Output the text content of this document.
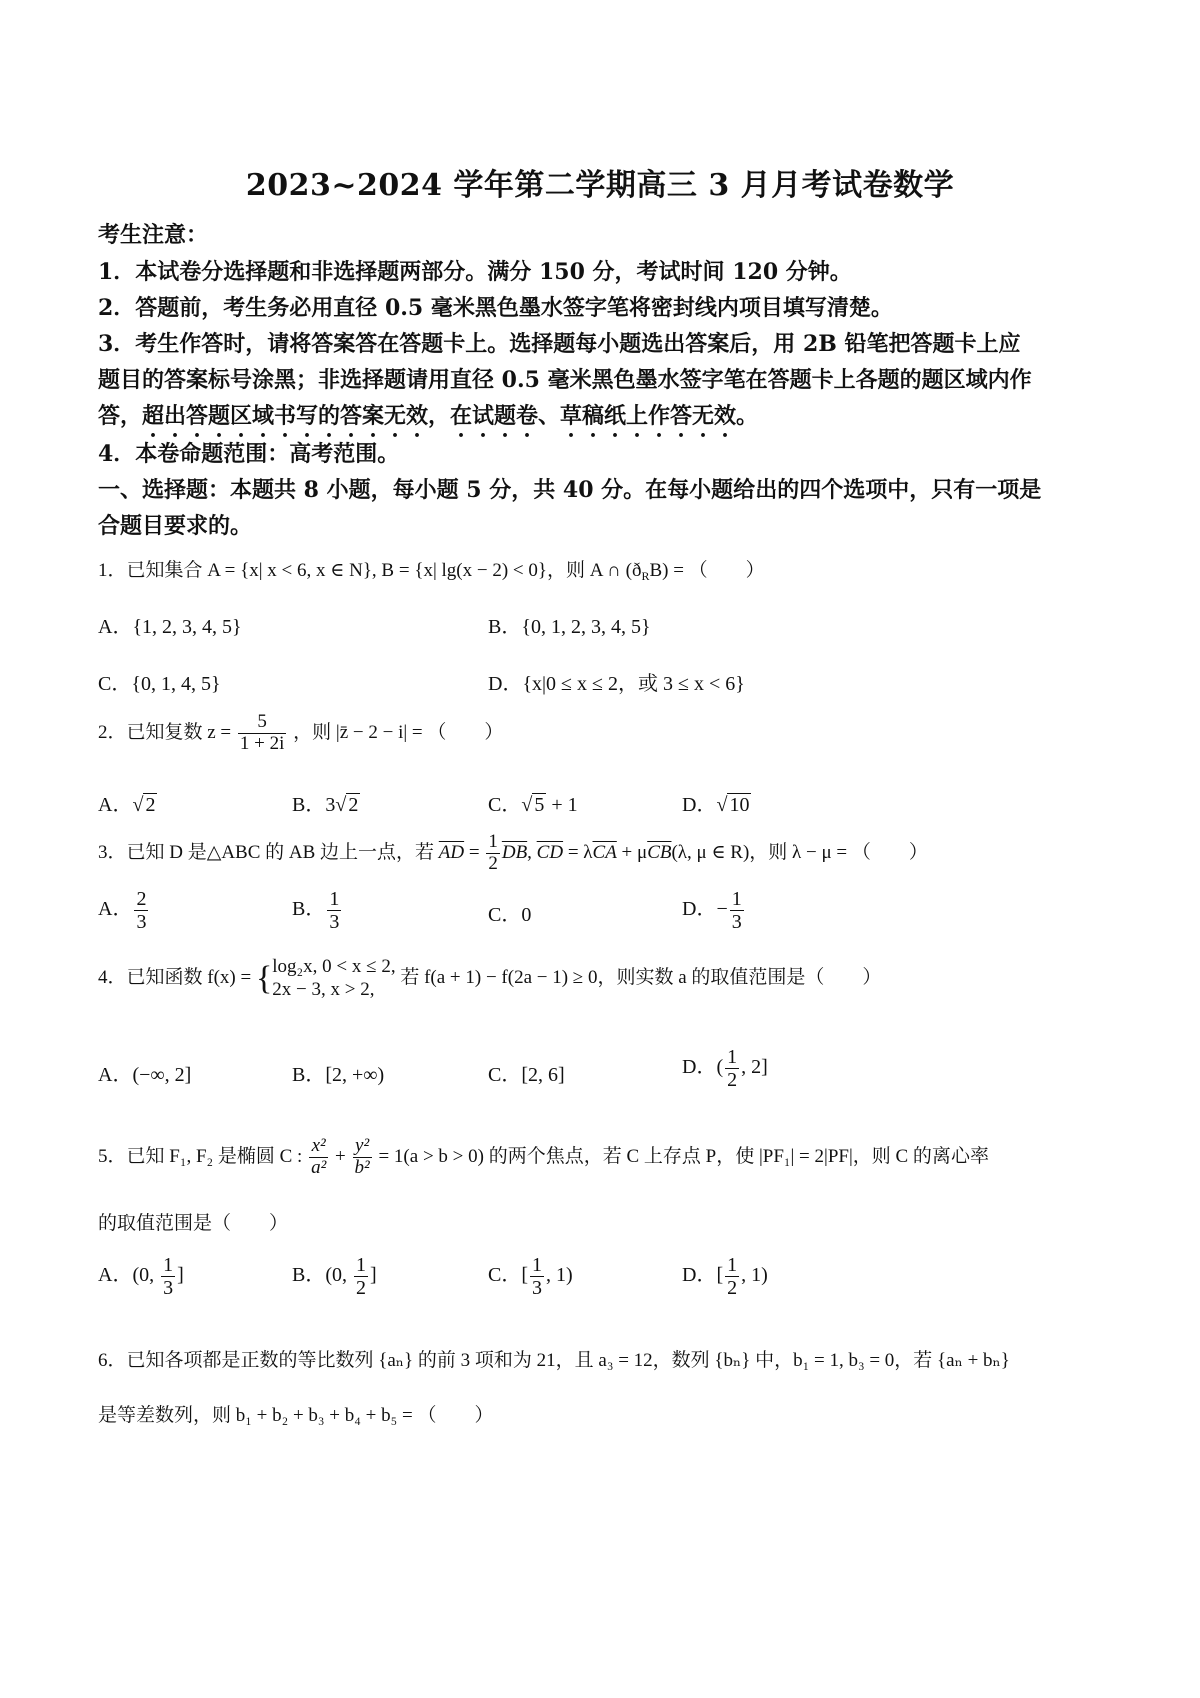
2023~2024 学年第二学期高三 3 月月考试卷数学
考生注意：
1．本试卷分选择题和非选择题两部分。满分 150 分，考试时间 120 分钟。
2．答题前，考生务必用直径 0.5 毫米黑色墨水签字笔将密封线内项目填写清楚。
3．考生作答时，请将答案答在答题卡上。选择题每小题选出答案后，用 2B 铅笔把答题卡上应
题目的答案标号涂黑；非选择题请用直径 0.5 毫米黑色墨水签字笔在答题卡上各题的题区域内作
答，超出答题区域书写的答案无效，在试题卷、草稿纸上作答无效。
4．本卷命题范围：高考范围。
一、选择题：本题共 8 小题，每小题 5 分，共 40 分。在每小题给出的四个选项中，只有一项是
合题目要求的。
1．已知集合 A = {x| x < 6, x ∈ N}, B = {x| lg(x − 2) < 0}，则 A ∩ $(ð_RB)$ = （　　）
A．{1, 2, 3, 4, 5}	B．{0, 1, 2, 3, 4, 5}
C．{0, 1, 4, 5}	D．{x|0 ≤ x ≤ 2，或 3 ≤ x < 6}
2．已知复数 $z = \frac{5}{1 + 2i}$ ，则 |z̄ − 2 − i| = （　　）
A．√ 2	B．3√ 2	C．√ 5 + 1	D．√ 10
3．已知 D 是△ABC 的 AB 边上一点，若 $\overline{AD} = \frac{1}{2} \overline{DB}$, $\overline{CD} = \lambda\overline{CA} + \mu\overline{CB}(\lambda$, μ ∈ R)，则 λ − μ = （　　）
A． $\frac{2}{3}$	B． $\frac{1}{3}$	C．0	D．− $\frac{1}{3}$
4．已知函数 f(x) = { log₂x, 0 < x ≤ 2,
2x − 3, x > 2,
若 f(a + 1) − f(2a − 1) ≥ 0，则实数 a 的取值范围是（　　）
A．(−∞, 2]	B．[2, +∞)	C．[2, 6]	D．( $\frac{1}{2}$ , 2]
5．已知 F₁, F₂ 是椭圆 C : $\frac{\text{x²}}{\text{a²}} + \frac{\text{y²}}{\text{b²}} = 1(a > b > 0)$ 的两个焦点，若 C 上存点 P，使 |PF₁| = 2|PF|，则 C 的离心率
的取值范围是（　　）
A．(0, $\frac{1}{3}$ ]	B．(0, $\frac{1}{2}$ ]	C．[ $\frac{1}{3}$ , 1)	D．[ $\frac{1}{2}$ , 1)
6．已知各项都是正数的等比数列 {aₙ} 的前 3 项和为 21，且 a₃ = 12，数列 {bₙ} 中，b₁ = 1, b₃ = 0，若 {aₙ + bₙ}
是等差数列，则 b₁ + b₂ + b₃ + b₄ + b₅ = （　　）
